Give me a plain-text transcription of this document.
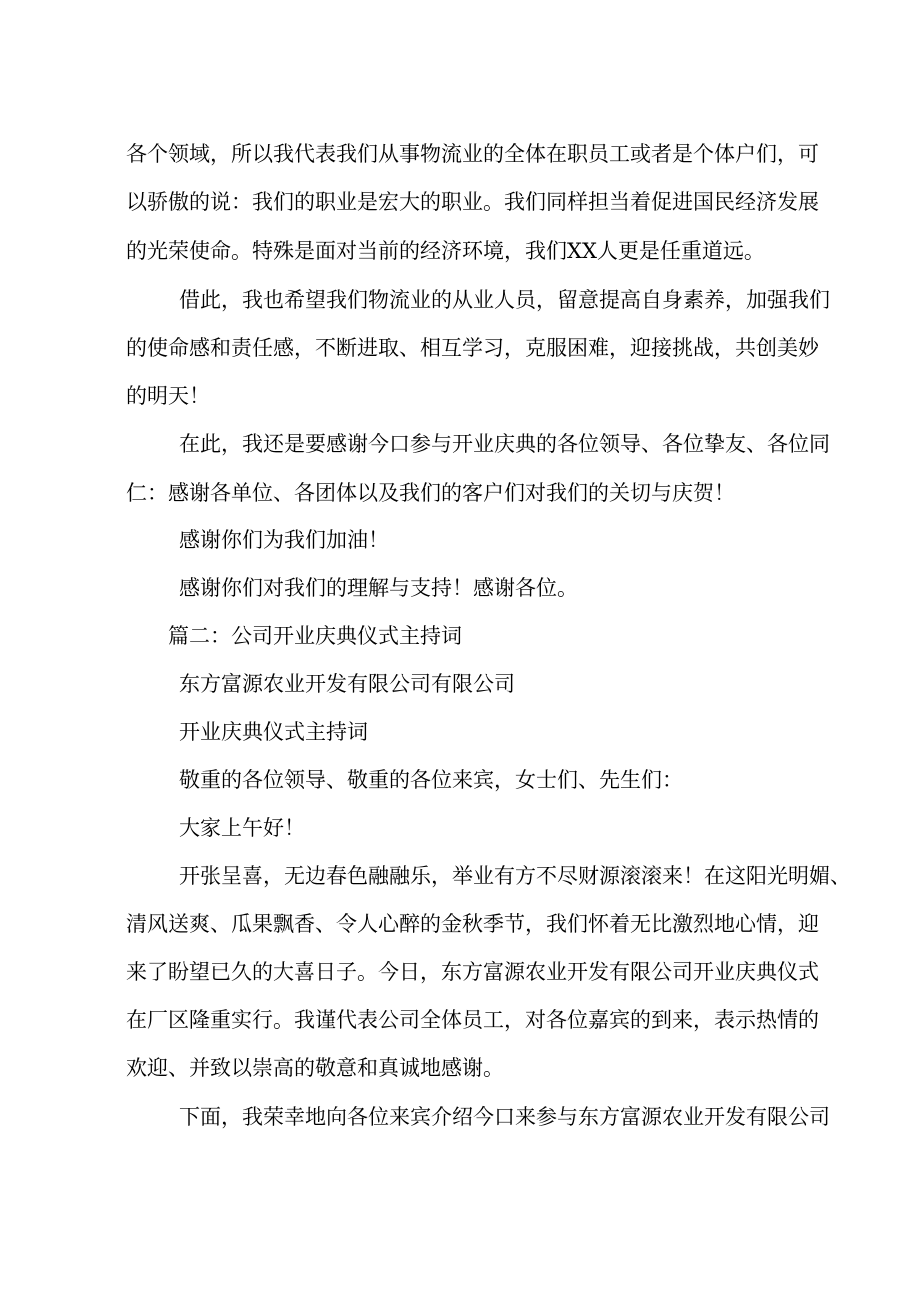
各个领域，所以我代表我们从事物流业的全体在职员工或者是个体户们，可

以骄傲的说：我们的职业是宏大的职业。我们同样担当着促进国民经济发展

的光荣使命。特殊是面对当前的经济环境，我们XX人更是任重道远。

借此，我也希望我们物流业的从业人员，留意提高自身素养，加强我们

的使命感和责任感，不断进取、相互学习，克服困难，迎接挑战，共创美妙

的明天！

在此，我还是要感谢今口参与开业庆典的各位领导、各位挚友、各位同

仁：感谢各单位、各团体以及我们的客户们对我们的关切与庆贺！

感谢你们为我们加油！

感谢你们对我们的理解与支持！感谢各位。

篇二：公司开业庆典仪式主持词

东方富源农业开发有限公司有限公司

开业庆典仪式主持词

敬重的各位领导、敬重的各位来宾，女士们、先生们：

大家上午好！

开张呈喜，无边春色融融乐，举业有方不尽财源滚滚来！在这阳光明媚、

清风送爽、瓜果飘香、令人心醉的金秋季节，我们怀着无比激烈地心情，迎

来了盼望已久的大喜日子。今日，东方富源农业开发有限公司开业庆典仪式

在厂区隆重实行。我谨代表公司全体员工，对各位嘉宾的到来，表示热情的

欢迎、并致以崇高的敬意和真诚地感谢。

下面，我荣幸地向各位来宾介绍今口来参与东方富源农业开发有限公司
